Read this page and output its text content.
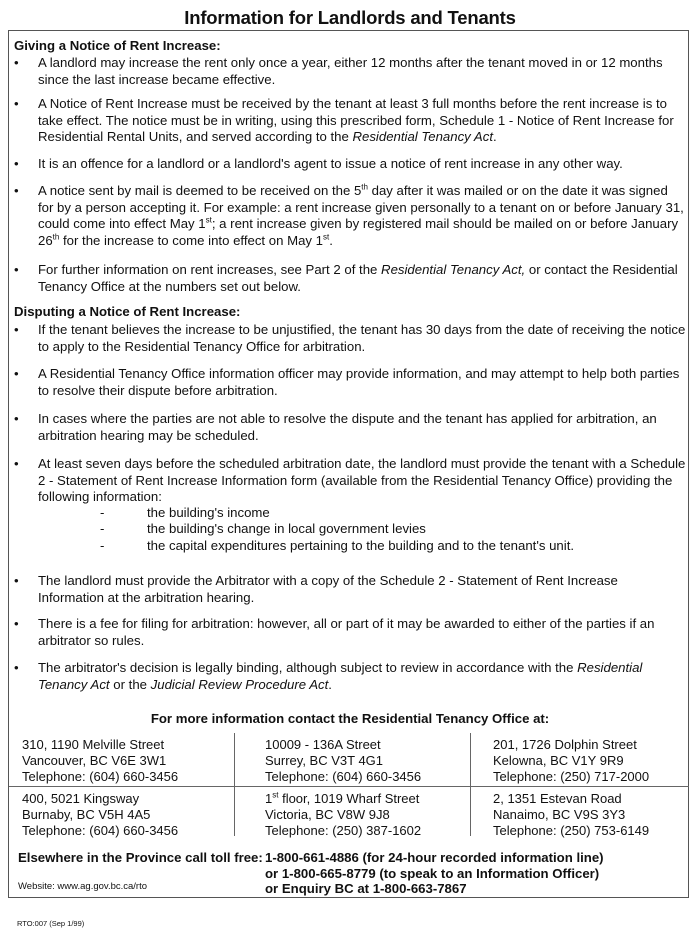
Information for Landlords and Tenants
Giving a Notice of Rent Increase:
•	A landlord may increase the rent only once a year, either 12 months after the tenant moved in or 12 months since the last increase became effective.
•	A Notice of Rent Increase must be received by the tenant at least 3 full months before the rent increase is to take effect. The notice must be in writing, using this prescribed form, Schedule 1 - Notice of Rent Increase for Residential Rental Units, and served according to the Residential Tenancy Act.
•	It is an offence for a landlord or a landlord's agent to issue a notice of rent increase in any other way.
•	A notice sent by mail is deemed to be received on the 5th day after it was mailed or on the date it was signed for by a person accepting it. For example: a rent increase given personally to a tenant on or before January 31, could come into effect May 1st; a rent increase given by registered mail should be mailed on or before January 26th for the increase to come into effect on May 1st.
•	For further information on rent increases, see Part 2 of the Residential Tenancy Act, or contact the Residential Tenancy Office at the numbers set out below.
Disputing a Notice of Rent Increase:
•	If the tenant believes the increase to be unjustified, the tenant has 30 days from the date of receiving the notice to apply to the Residential Tenancy Office for arbitration.
•	A Residential Tenancy Office information officer may provide information, and may attempt to help both parties to resolve their dispute before arbitration.
•	In cases where the parties are not able to resolve the dispute and the tenant has applied for arbitration, an arbitration hearing may be scheduled.
•	At least seven days before the scheduled arbitration date, the landlord must provide the tenant with a Schedule 2 - Statement of Rent Increase Information form (available from the Residential Tenancy Office) providing the following information:
-	the building's income
-	the building's change in local government levies
-	the capital expenditures pertaining to the building and to the tenant's unit.
•	The landlord must provide the Arbitrator with a copy of the Schedule 2 - Statement of Rent Increase Information at the arbitration hearing.
•	There is a fee for filing for arbitration: however, all or part of it may be awarded to either of the parties if an arbitrator so rules.
•	The arbitrator's decision is legally binding, although subject to review in accordance with the Residential Tenancy Act or the Judicial Review Procedure Act.
For more information contact the Residential Tenancy Office at:
310, 1190 Melville Street
Vancouver, BC V6E 3W1
Telephone: (604) 660-3456
10009 - 136A Street
Surrey, BC V3T 4G1
Telephone: (604) 660-3456
201, 1726 Dolphin Street
Kelowna, BC V1Y 9R9
Telephone: (250) 717-2000
400, 5021 Kingsway
Burnaby, BC V5H 4A5
Telephone: (604) 660-3456
1st floor, 1019 Wharf Street
Victoria, BC V8W 9J8
Telephone: (250) 387-1602
2, 1351 Estevan Road
Nanaimo, BC V9S 3Y3
Telephone: (250) 753-6149
Elsewhere in the Province call toll free: 1-800-661-4886 (for 24-hour recorded information line)
or 1-800-665-8779 (to speak to an Information Officer)
or Enquiry BC at 1-800-663-7867
Website: www.ag.gov.bc.ca/rto
RTO:007 (Sep 1/99)
